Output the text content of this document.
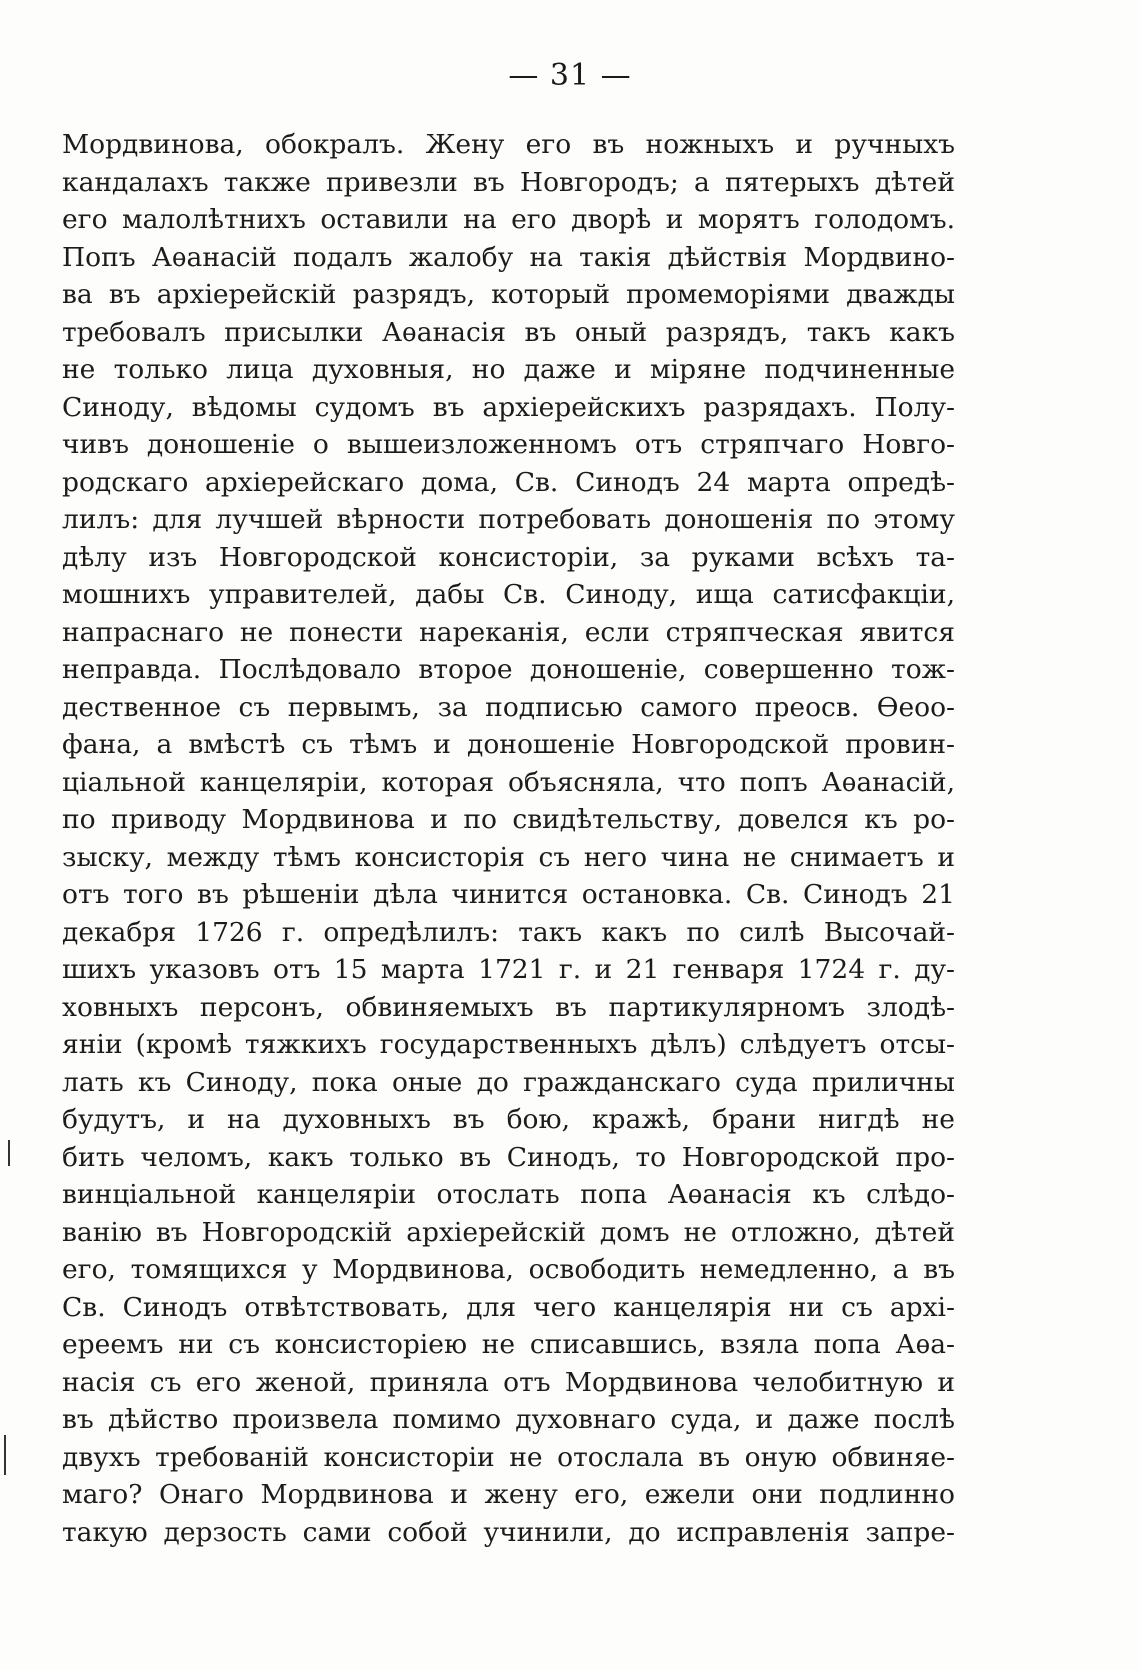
— 31 —
Мордвинова, обокралъ. Жену его въ ножныхъ и ручныхъ
кандалахъ также привезли въ Новгородъ; а пятерыхъ дѣтей
его малолѣтнихъ оставили на его дворѣ и морятъ голодомъ.
Попъ Аѳанасій подалъ жалобу на такія дѣйствія Мордвино-
ва въ архіерейскій разрядъ, который промеморіями дважды
требовалъ присылки Аѳанасія въ оный разрядъ, такъ какъ
не только лица духовныя, но даже и міряне подчиненные
Синоду, вѣдомы судомъ въ архіерейскихъ разрядахъ. Полу-
чивъ доношеніе о вышеизложенномъ отъ стряпчаго Новго-
родскаго архіерейскаго дома, Св. Синодъ 24 марта опредѣ-
лилъ: для лучшей вѣрности потребовать доношенія по этому
дѣлу изъ Новгородской консисторіи, за руками всѣхъ та-
мошнихъ управителей, дабы Св. Синоду, ища сатисфакціи,
напраснаго не понести нареканія, если стряпческая явится
неправда. Послѣдовало второе доношеніе, совершенно тож-
дественное съ первымъ, за подписью самого преосв. Ѳеоо-
фана, а вмѣстѣ съ тѣмъ и доношеніе Новгородской провин-
ціальной канцеляріи, которая объясняла, что попъ Аѳанасій,
по приводу Мордвинова и по свидѣтельству, довелся къ ро-
зыску, между тѣмъ консисторія съ него чина не снимаетъ и
отъ того въ рѣшеніи дѣла чинится остановка. Св. Синодъ 21
декабря 1726 г. опредѣлилъ: такъ какъ по силѣ Высочай-
шихъ указовъ отъ 15 марта 1721 г. и 21 генваря 1724 г. ду-
ховныхъ персонъ, обвиняемыхъ въ партикулярномъ злодѣ-
яніи (кромѣ тяжкихъ государственныхъ дѣлъ) слѣдуетъ отсы-
лать къ Синоду, пока оные до гражданскаго суда приличны
будутъ, и на духовныхъ въ бою, кражѣ, брани нигдѣ не
бить челомъ, какъ только въ Синодъ, то Новгородской про-
винціальной канцеляріи отослать попа Аѳанасія къ слѣдо-
ванію въ Новгородскій архіерейскій домъ не отложно, дѣтей
его, томящихся у Мордвинова, освободить немедленно, а въ
Св. Синодъ отвѣтствовать, для чего канцелярія ни съ архі-
ереемъ ни съ консисторіею не списавшись, взяла попа Аѳа-
насія съ его женой, приняла отъ Мордвинова челобитную и
въ дѣйство произвела помимо духовнаго суда, и даже послѣ
двухъ требованій консисторіи не отослала въ оную обвиняе-
маго? Онаго Мордвинова и жену его, ежели они подлинно
такую дерзость сами собой учинили, до исправленія запре-
